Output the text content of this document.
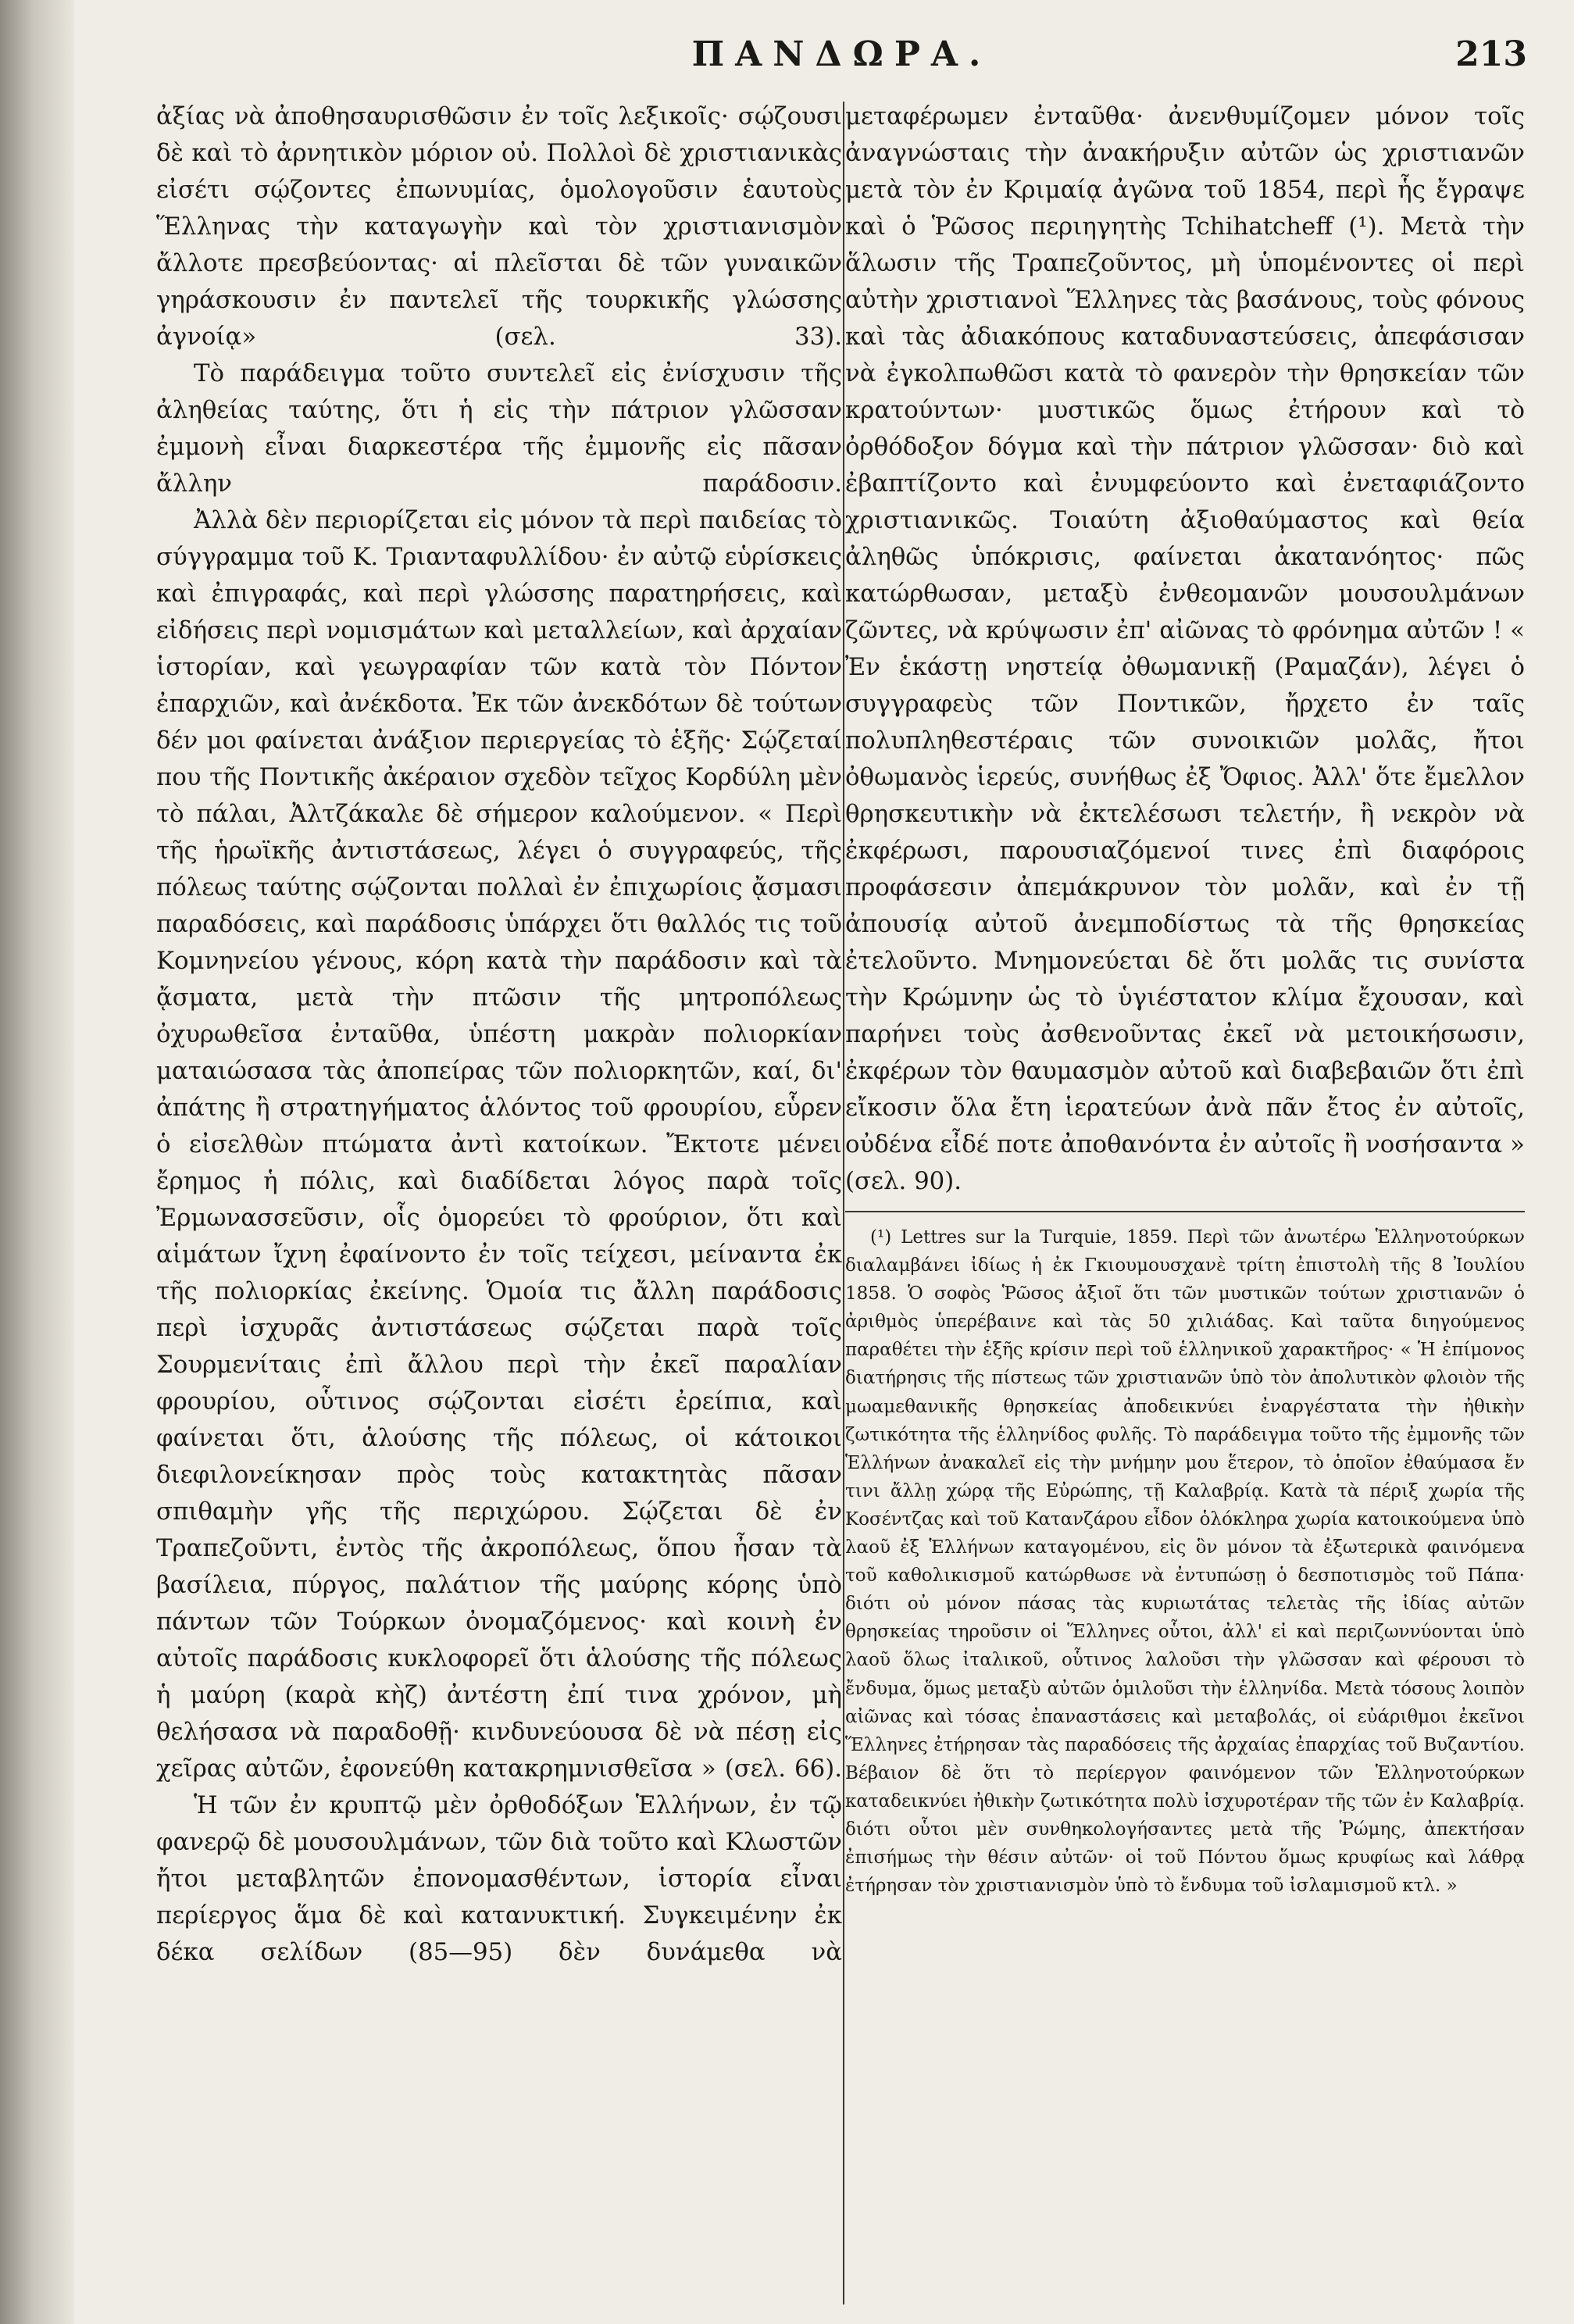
ΠΑΝΔΩΡΑ.	213

ἀξίας νὰ ἀποθησαυρισθῶσιν ἐν τοῖς λεξικοῖς· σῴζουσι δὲ καὶ τὸ ἀρνητικὸν μόριον οὐ. Πολλοὶ δὲ χριστιανικὰς εἰσέτι σῴζοντες ἐπωνυμίας, ὁμολογοῦσιν ἑαυτοὺς Ἕλληνας τὴν καταγωγὴν καὶ τὸν χριστιανισμὸν ἄλλοτε πρεσβεύοντας· αἱ πλεῖσται δὲ τῶν γυναικῶν γηράσκουσιν ἐν παντελεῖ τῆς τουρκικῆς γλώσσης ἀγνοίᾳ» (σελ. 33).

Τὸ παράδειγμα τοῦτο συντελεῖ εἰς ἐνίσχυσιν τῆς ἀληθείας ταύτης, ὅτι ἡ εἰς τὴν πάτριον γλῶσσαν ἐμμονὴ εἶναι διαρκεστέρα τῆς ἐμμονῆς εἰς πᾶσαν ἄλλην παράδοσιν.

Ἀλλὰ δὲν περιορίζεται εἰς μόνον τὰ περὶ παιδείας τὸ σύγγραμμα τοῦ Κ. Τριανταφυλλίδου· ἐν αὐτῷ εὑρίσκεις καὶ ἐπιγραφάς, καὶ περὶ γλώσσης παρατηρήσεις, καὶ εἰδήσεις περὶ νομισμάτων καὶ μεταλλείων, καὶ ἀρχαίαν ἱστορίαν, καὶ γεωγραφίαν τῶν κατὰ τὸν Πόντον ἐπαρχιῶν, καὶ ἀνέκδοτα. Ἐκ τῶν ἀνεκδότων δὲ τούτων δέν μοι φαίνεται ἀνάξιον περιεργείας τὸ ἑξῆς· Σῴζεταί που τῆς Ποντικῆς ἀκέραιον σχεδὸν τεῖχος Κορδύλη μὲν τὸ πάλαι, Ἀλτζάκαλε δὲ σήμερον καλούμενον. « Περὶ τῆς ἡρωϊκῆς ἀντιστάσεως, λέγει ὁ συγγραφεύς, τῆς πόλεως ταύτης σῴζονται πολλαὶ ἐν ἐπιχωρίοις ᾄσμασι παραδόσεις, καὶ παράδοσις ὑπάρχει ὅτι θαλλός τις τοῦ Κομνηνείου γένους, κόρη κατὰ τὴν παράδοσιν καὶ τὰ ᾄσματα, μετὰ τὴν πτῶσιν τῆς μητροπόλεως ὀχυρωθεῖσα ἐνταῦθα, ὑπέστη μακρὰν πολιορκίαν ματαιώσασα τὰς ἀποπείρας τῶν πολιορκητῶν, καί, δι' ἀπάτης ἢ στρατηγήματος ἁλόντος τοῦ φρουρίου, εὗρεν ὁ εἰσελθὼν πτώματα ἀντὶ κατοίκων. Ἔκτοτε μένει ἔρημος ἡ πόλις, καὶ διαδίδεται λόγος παρὰ τοῖς Ἐρμωνασσεῦσιν, οἷς ὁμορεύει τὸ φρούριον, ὅτι καὶ αἱμάτων ἴχνη ἐφαίνοντο ἐν τοῖς τείχεσι, μείναντα ἐκ τῆς πολιορκίας ἐκείνης. Ὁμοία τις ἄλλη παράδοσις περὶ ἰσχυρᾶς ἀντιστάσεως σῴζεται παρὰ τοῖς Σουρμενίταις ἐπὶ ἄλλου περὶ τὴν ἐκεῖ παραλίαν φρουρίου, οὗτινος σῴζονται εἰσέτι ἐρείπια, καὶ φαίνεται ὅτι, ἁλούσης τῆς πόλεως, οἱ κάτοικοι διεφιλονείκησαν πρὸς τοὺς κατακτητὰς πᾶσαν σπιθαμὴν γῆς τῆς περιχώρου. Σῴζεται δὲ ἐν Τραπεζοῦντι, ἐντὸς τῆς ἀκροπόλεως, ὅπου ἦσαν τὰ βασίλεια, πύργος, παλάτιον τῆς μαύρης κόρης ὑπὸ πάντων τῶν Τούρκων ὀνομαζόμενος· καὶ κοινὴ ἐν αὐτοῖς παράδοσις κυκλοφορεῖ ὅτι ἁλούσης τῆς πόλεως ἡ μαύρη (καρὰ κὴζ) ἀντέστη ἐπί τινα χρόνον, μὴ θελήσασα νὰ παραδοθῇ· κινδυνεύουσα δὲ νὰ πέσῃ εἰς χεῖρας αὐτῶν, ἐφονεύθη κατακρημνισθεῖσα » (σελ. 66).

Ἡ τῶν ἐν κρυπτῷ μὲν ὀρθοδόξων Ἑλλήνων, ἐν τῷ φανερῷ δὲ μουσουλμάνων, τῶν διὰ τοῦτο καὶ Κλωστῶν ἤτοι μεταβλητῶν ἐπονομασθέντων, ἱστορία εἶναι περίεργος ἅμα δὲ καὶ κατανυκτική. Συγκειμένην ἐκ δέκα σελίδων (85—95) δὲν δυνάμεθα νὰ

μεταφέρωμεν ἐνταῦθα· ἀνενθυμίζομεν μόνον τοῖς ἀναγνώσταις τὴν ἀνακήρυξιν αὐτῶν ὡς χριστιανῶν μετὰ τὸν ἐν Κριμαίᾳ ἀγῶνα τοῦ 1854, περὶ ἧς ἔγραψε καὶ ὁ Ῥῶσος περιηγητὴς Tchihatcheff (¹). Μετὰ τὴν ἅλωσιν τῆς Τραπεζοῦντος, μὴ ὑπομένοντες οἱ περὶ αὐτὴν χριστιανοὶ Ἕλληνες τὰς βασάνους, τοὺς φόνους καὶ τὰς ἀδιακόπους καταδυναστεύσεις, ἀπεφάσισαν νὰ ἐγκολπωθῶσι κατὰ τὸ φανερὸν τὴν θρησκείαν τῶν κρατούντων· μυστικῶς ὅμως ἐτήρουν καὶ τὸ ὀρθόδοξον δόγμα καὶ τὴν πάτριον γλῶσσαν· διὸ καὶ ἐβαπτίζοντο καὶ ἐνυμφεύοντο καὶ ἐνεταφιάζοντο χριστιανικῶς. Τοιαύτη ἀξιοθαύμαστος καὶ θεία ἀληθῶς ὑπόκρισις, φαίνεται ἀκατανόητος· πῶς κατώρθωσαν, μεταξὺ ἐνθεομανῶν μουσουλμάνων ζῶντες, νὰ κρύψωσιν ἐπ' αἰῶνας τὸ φρόνημα αὐτῶν ! « Ἐν ἑκάστῃ νηστείᾳ ὀθωμανικῇ (Ραμαζάν), λέγει ὁ συγγραφεὺς τῶν Ποντικῶν, ἤρχετο ἐν ταῖς πολυπληθεστέραις τῶν συνοικιῶν μολᾶς, ἤτοι ὀθωμανὸς ἱερεύς, συνήθως ἐξ Ὄφιος. Ἀλλ' ὅτε ἔμελλον θρησκευτικὴν νὰ ἐκτελέσωσι τελετήν, ἢ νεκρὸν νὰ ἐκφέρωσι, παρουσιαζόμενοί τινες ἐπὶ διαφόροις προφάσεσιν ἀπεμάκρυνον τὸν μολᾶν, καὶ ἐν τῇ ἀπουσίᾳ αὐτοῦ ἀνεμποδίστως τὰ τῆς θρησκείας ἐτελοῦντο. Μνημονεύεται δὲ ὅτι μολᾶς τις συνίστα τὴν Κρώμνην ὡς τὸ ὑγιέστατον κλίμα ἔχουσαν, καὶ παρήνει τοὺς ἀσθενοῦντας ἐκεῖ νὰ μετοικήσωσιν, ἐκφέρων τὸν θαυμασμὸν αὐτοῦ καὶ διαβεβαιῶν ὅτι ἐπὶ εἴκοσιν ὅλα ἔτη ἱερατεύων ἀνὰ πᾶν ἔτος ἐν αὐτοῖς, οὐδένα εἶδέ ποτε ἀποθανόντα ἐν αὐτοῖς ἢ νοσήσαντα » (σελ. 90).

(¹) Lettres sur la Turquie, 1859. Περὶ τῶν ἀνωτέρω Ἑλληνοτούρκων διαλαμβάνει ἰδίως ἡ ἐκ Γκιουμουσχανὲ τρίτη ἐπιστολὴ τῆς 8 Ἰουλίου 1858. Ὁ σοφὸς Ῥῶσος ἀξιοῖ ὅτι τῶν μυστικῶν τούτων χριστιανῶν ὁ ἀριθμὸς ὑπερέβαινε καὶ τὰς 50 χιλιάδας. Καὶ ταῦτα διηγούμενος παραθέτει τὴν ἑξῆς κρίσιν περὶ τοῦ ἑλληνικοῦ χαρακτῆρος· « Ἡ ἐπίμονος διατήρησις τῆς πίστεως τῶν χριστιανῶν ὑπὸ τὸν ἀπολυτικὸν φλοιὸν τῆς μωαμεθανικῆς θρησκείας ἀποδεικνύει ἐναργέστατα τὴν ἠθικὴν ζωτικότητα τῆς ἑλληνίδος φυλῆς. Τὸ παράδειγμα τοῦτο τῆς ἐμμονῆς τῶν Ἑλλήνων ἀνακαλεῖ εἰς τὴν μνήμην μου ἕτερον, τὸ ὁποῖον ἐθαύμασα ἔν τινι ἄλλῃ χώρᾳ τῆς Εὐρώπης, τῇ Καλαβρίᾳ. Κατὰ τὰ πέριξ χωρία τῆς Κοσέντζας καὶ τοῦ Κατανζάρου εἶδον ὁλόκληρα χωρία κατοικούμενα ὑπὸ λαοῦ ἐξ Ἑλλήνων καταγομένου, εἰς ὃν μόνον τὰ ἐξωτερικὰ φαινόμενα τοῦ καθολικισμοῦ κατώρθωσε νὰ ἐντυπώσῃ ὁ δεσποτισμὸς τοῦ Πάπα· διότι οὐ μόνον πάσας τὰς κυριωτάτας τελετὰς τῆς ἰδίας αὐτῶν θρησκείας τηροῦσιν οἱ Ἕλληνες οὗτοι, ἀλλ' εἰ καὶ περιζωννύονται ὑπὸ λαοῦ ὅλως ἰταλικοῦ, οὗτινος λαλοῦσι τὴν γλῶσσαν καὶ φέρουσι τὸ ἔνδυμα, ὅμως μεταξὺ αὐτῶν ὁμιλοῦσι τὴν ἑλληνίδα. Μετὰ τόσους λοιπὸν αἰῶνας καὶ τόσας ἐπαναστάσεις καὶ μεταβολάς, οἱ εὐάριθμοι ἐκεῖνοι Ἕλληνες ἐτήρησαν τὰς παραδόσεις τῆς ἀρχαίας ἐπαρχίας τοῦ Βυζαντίου. Βέβαιον δὲ ὅτι τὸ περίεργον φαινόμενον τῶν Ἑλληνοτούρκων καταδεικνύει ἠθικὴν ζωτικότητα πολὺ ἰσχυροτέραν τῆς τῶν ἐν Καλαβρίᾳ. διότι οὗτοι μὲν συνθηκολογήσαντες μετὰ τῆς Ῥώμης, ἀπεκτήσαν ἐπισήμως τὴν θέσιν αὐτῶν· οἱ τοῦ Πόντου ὅμως κρυφίως καὶ λάθρᾳ ἐτήρησαν τὸν χριστιανισμὸν ὑπὸ τὸ ἔνδυμα τοῦ ἰσλαμισμοῦ κτλ. »
